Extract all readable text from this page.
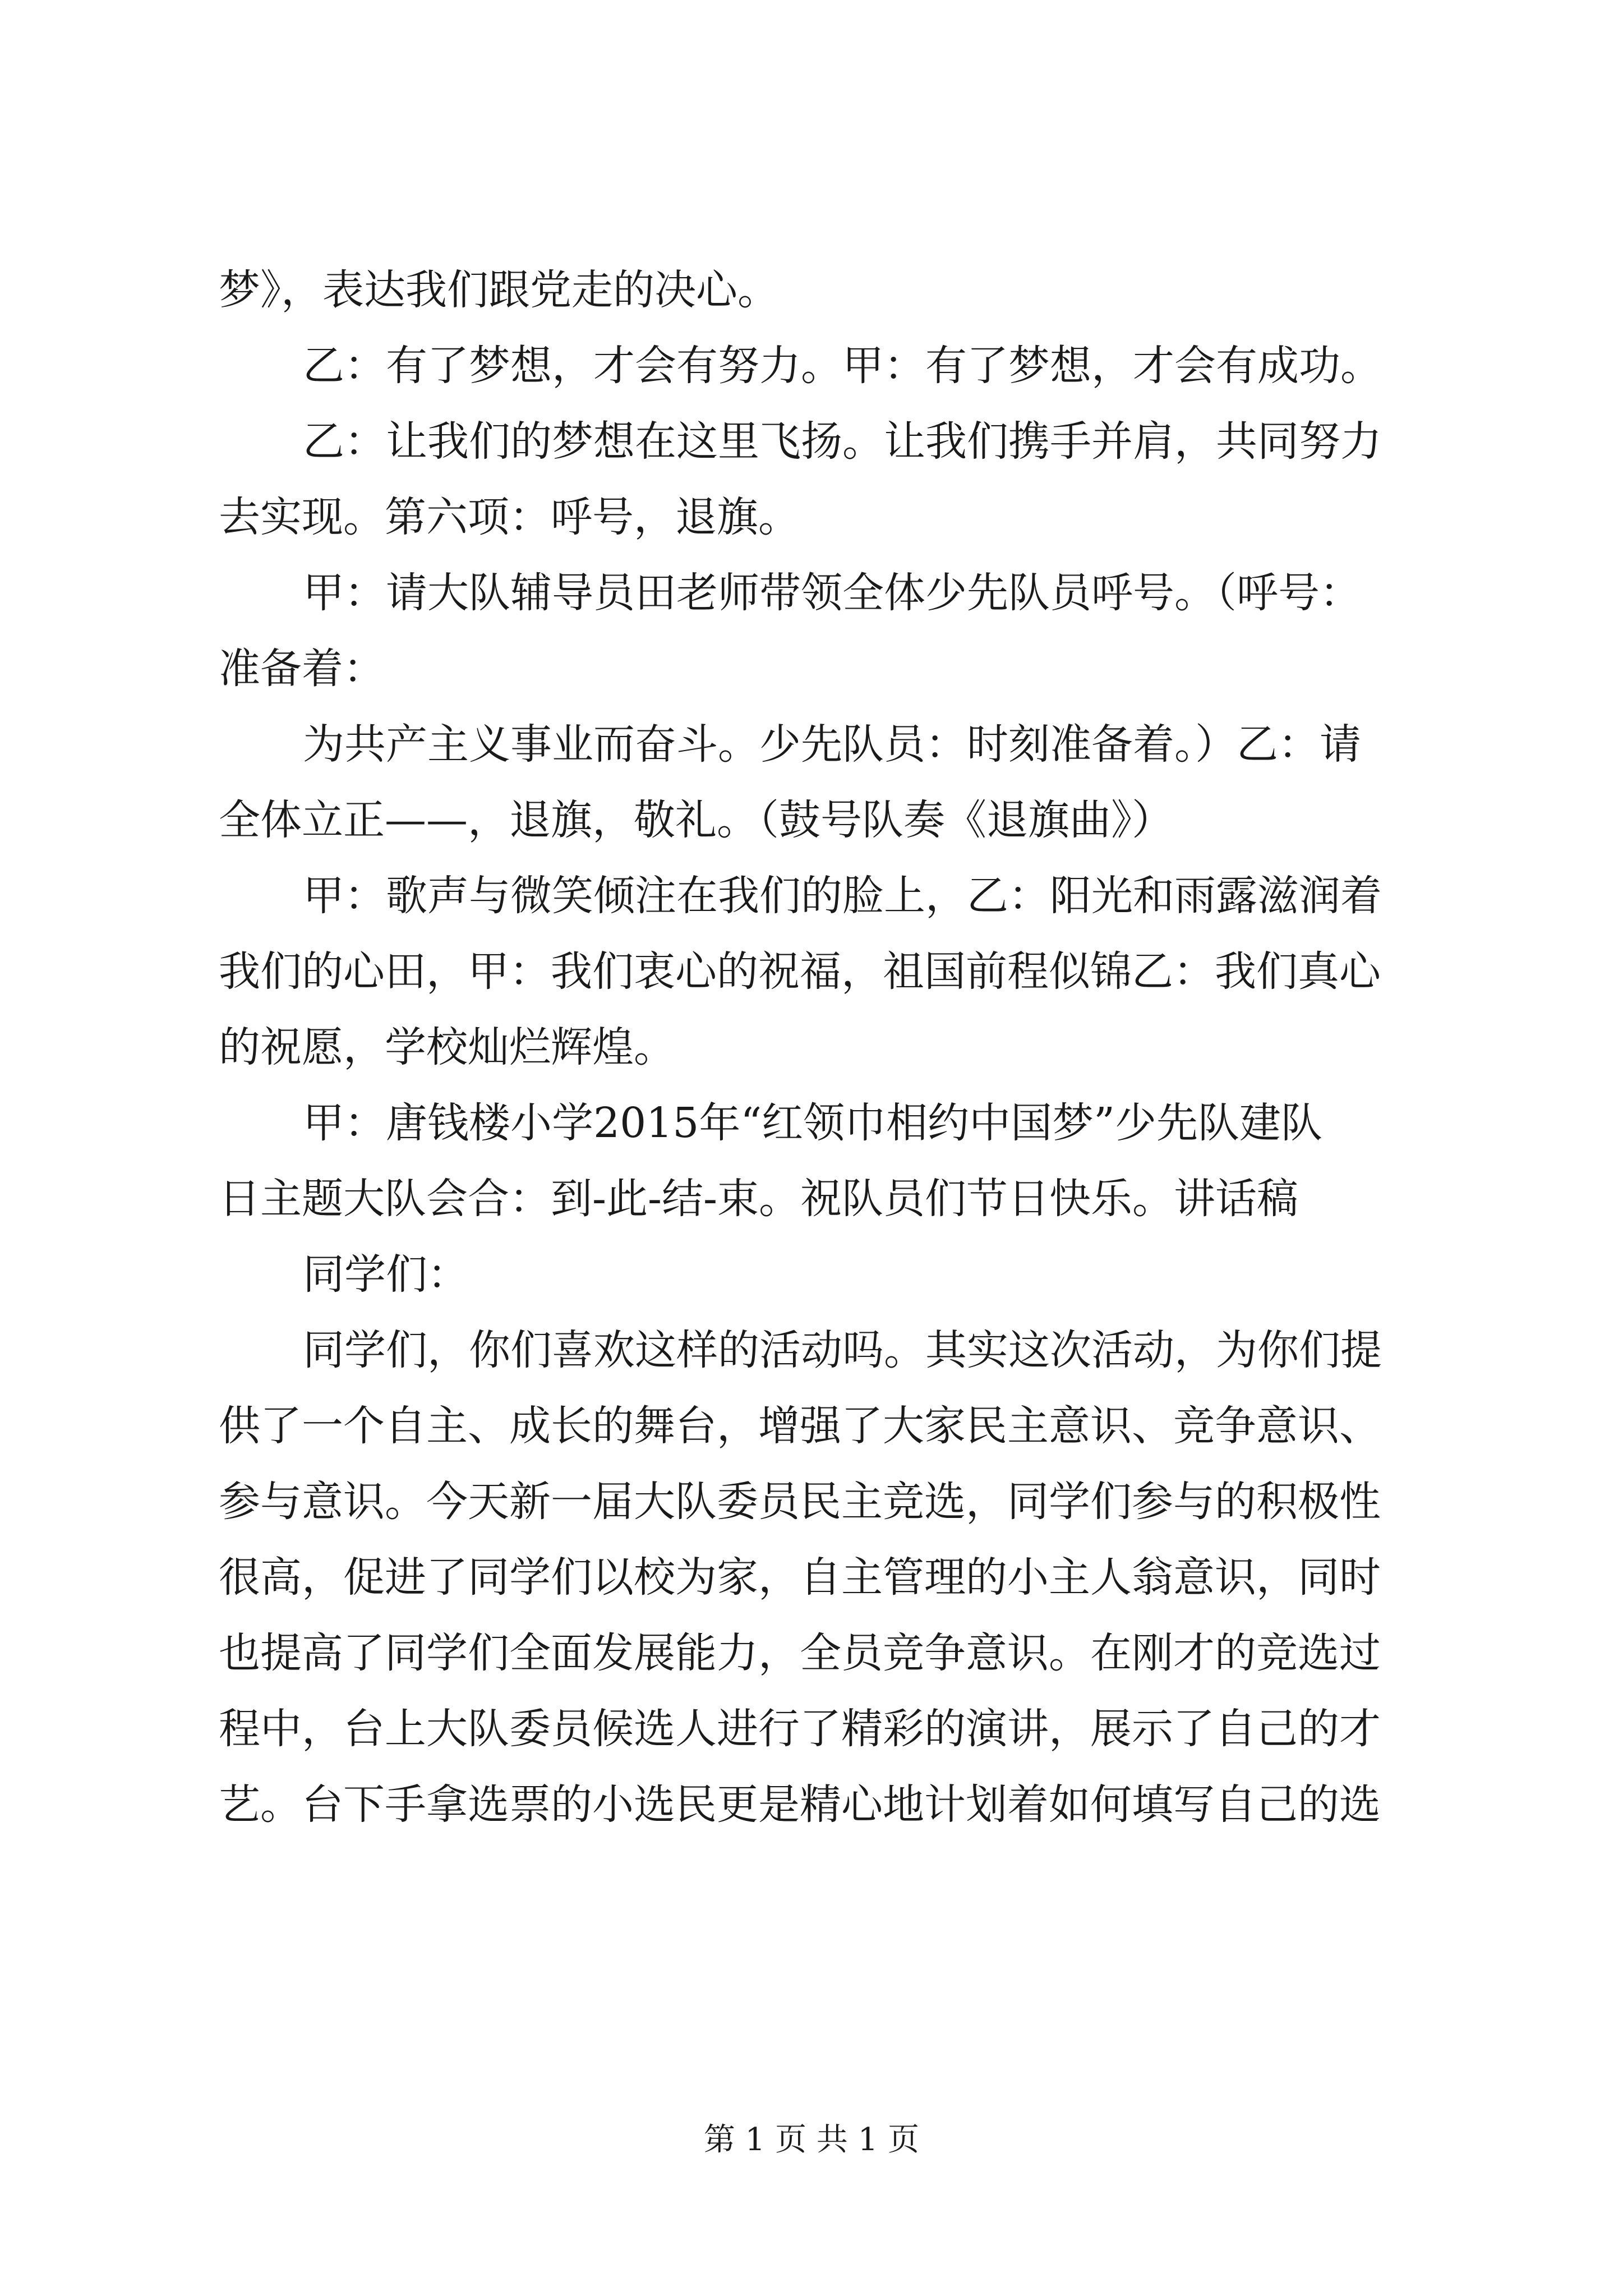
梦》，表达我们跟党走的决心。
乙：有了梦想，才会有努力。甲：有了梦想，才会有成功。
乙：让我们的梦想在这里飞扬。让我们携手并肩，共同努力
去实现。第六项：呼号，退旗。
甲：请大队辅导员田老师带领全体少先队员呼号。（呼号：
准备着：
为共产主义事业而奋斗。少先队员：时刻准备着。）乙：请
全体立正——，退旗，敬礼。（鼓号队奏《退旗曲》）
甲：歌声与微笑倾注在我们的脸上，乙：阳光和雨露滋润着
我们的心田，甲：我们衷心的祝福，祖国前程似锦乙：我们真心
的祝愿，学校灿烂辉煌。
甲：唐钱楼小学2015年“红领巾相约中国梦”少先队建队
日主题大队会合：到-此-结-束。祝队员们节日快乐。讲话稿
同学们：
同学们，你们喜欢这样的活动吗。其实这次活动，为你们提
供了一个自主、成长的舞台，增强了大家民主意识、竞争意识、
参与意识。今天新一届大队委员民主竞选，同学们参与的积极性
很高，促进了同学们以校为家，自主管理的小主人翁意识，同时
也提高了同学们全面发展能力，全员竞争意识。在刚才的竞选过
程中，台上大队委员候选人进行了精彩的演讲，展示了自己的才
艺。台下手拿选票的小选民更是精心地计划着如何填写自己的选
第 1 页 共 1 页
